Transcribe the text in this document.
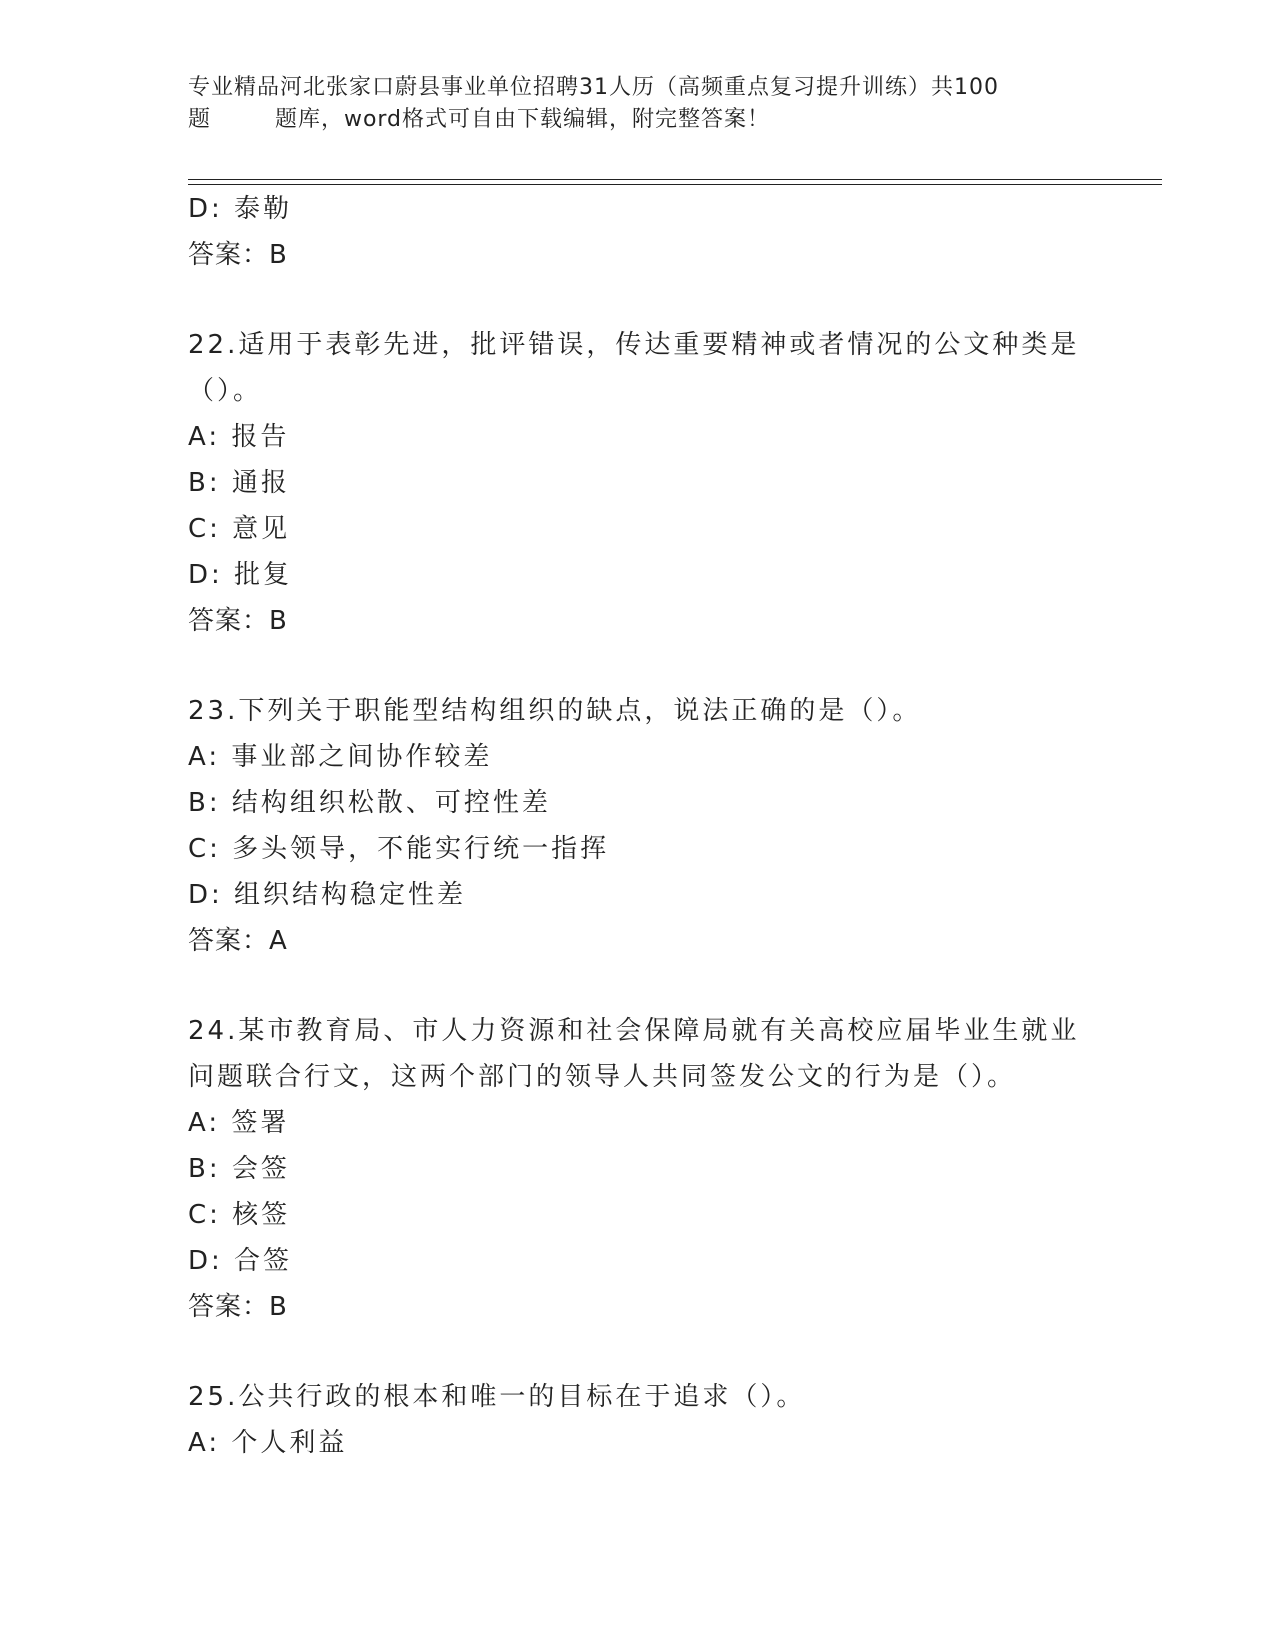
专业精品河北张家口蔚县事业单位招聘31人历（高频重点复习提升训练）共100
题        题库，word格式可自由下载编辑，附完整答案！
D: 泰勒
答案：B
22.适用于表彰先进，批评错误，传达重要精神或者情况的公文种类是
（）。
A: 报告
B: 通报
C: 意见
D: 批复
答案：B
23.下列关于职能型结构组织的缺点，说法正确的是（）。
A: 事业部之间协作较差
B: 结构组织松散、可控性差
C: 多头领导，不能实行统一指挥
D: 组织结构稳定性差
答案：A
24.某市教育局、市人力资源和社会保障局就有关高校应届毕业生就业
问题联合行文，这两个部门的领导人共同签发公文的行为是（）。
A: 签署
B: 会签
C: 核签
D: 合签
答案：B
25.公共行政的根本和唯一的目标在于追求（）。
A: 个人利益
